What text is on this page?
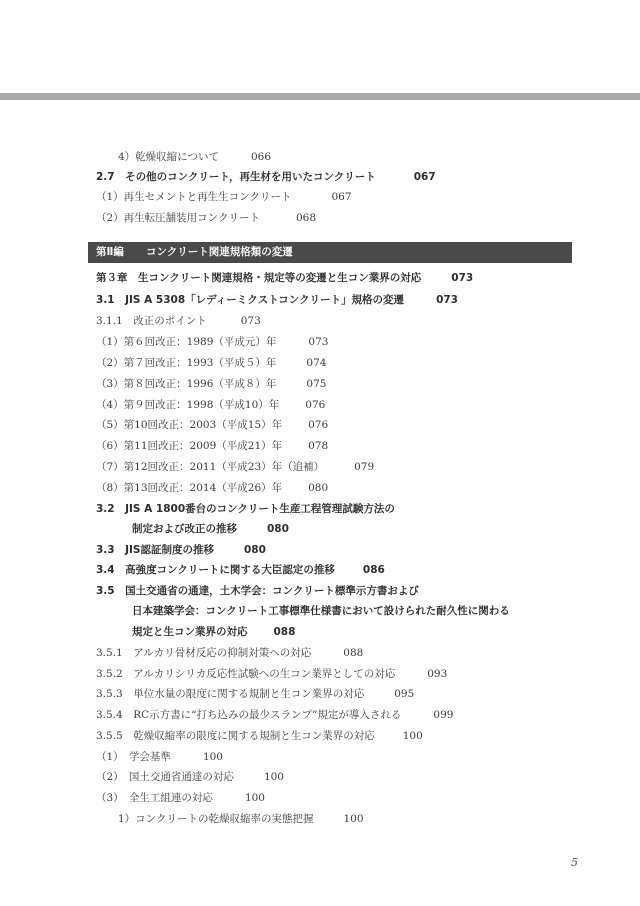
4）乾燥収縮について	066
2.7　その他のコンクリート，再生材を用いたコンクリート	067
（1）再生セメントと再生生コンクリート	067
（2）再生転圧舗装用コンクリート	068
第Ⅱ編 コンクリート関連規格類の変遷
第３章　生コンクリート関連規格・規定等の変遷と生コン業界の対応	073
3.1　JIS A 5308「レディーミクストコンクリート」規格の変遷	073
3.1.1　改正のポイント	073
（1）第６回改正：1989（平成元）年	073
（2）第７回改正：1993（平成５）年	074
（3）第８回改正：1996（平成８）年	075
（4）第９回改正：1998（平成10）年 076
（5）第10回改正：2003（平成15）年 076
（6）第11回改正：2009（平成21）年 078
（7）第12回改正：2011（平成23）年（追補）	079
（8）第13回改正：2014（平成26）年 080
3.2　JIS A 1800番台のコンクリート生産工程管理試験方法の
制定および改正の推移	080
3.3　JIS認証制度の推移	080
3.4　高強度コンクリートに関する大臣認定の推移	086
3.5　国土交通省の通達，土木学会：コンクリート標準示方書および
日本建築学会：コンクリート工事標準仕様書において設けられた耐久性に関わる
規定と生コン業界の対応 088
3.5.1　アルカリ骨材反応の抑制対策への対応	088
3.5.2　アルカリシリカ反応性試験への生コン業界としての対応	093
3.5.3　単位水量の限度に関する規制と生コン業界の対応	095
3.5.4　RC示方書に“打ち込みの最少スランプ”規定が導入される	099
3.5.5　乾燥収縮率の限度に関する規制と生コン業界の対応	100
（1）　学会基準	100
（2）　国土交通省通達の対応	100
（3）　全生工組連の対応	100
1）コンクリートの乾燥収縮率の実態把握	100
5
